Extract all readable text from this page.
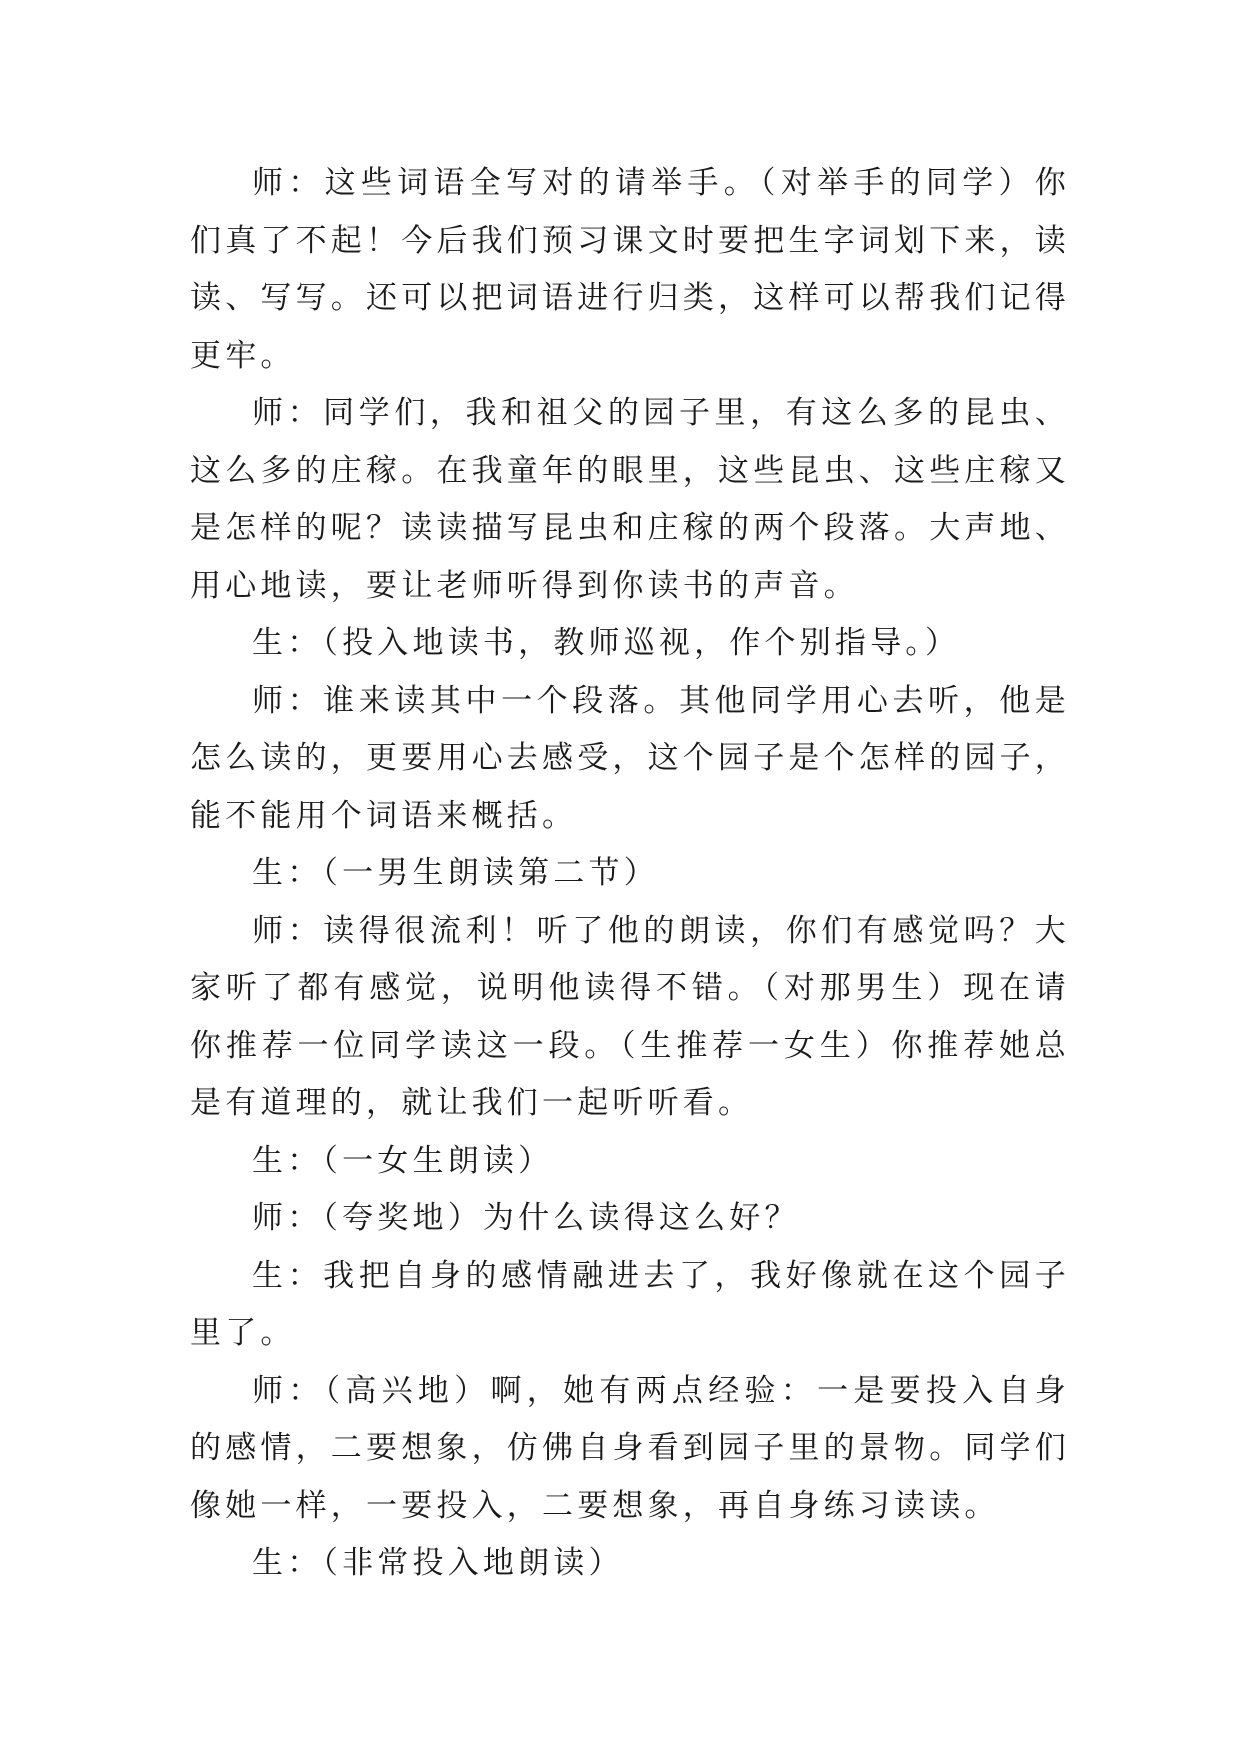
师：这些词语全写对的请举手。（对举手的同学）你们真了不起！今后我们预习课文时要把生字词划下来，读读、写写。还可以把词语进行归类，这样可以帮我们记得更牢。

师：同学们，我和祖父的园子里，有这么多的昆虫、这么多的庄稼。在我童年的眼里，这些昆虫、这些庄稼又是怎样的呢？读读描写昆虫和庄稼的两个段落。大声地、用心地读，要让老师听得到你读书的声音。

生：（投入地读书，教师巡视，作个别指导。）

师：谁来读其中一个段落。其他同学用心去听，他是怎么读的，更要用心去感受，这个园子是个怎样的园子，能不能用个词语来概括。

生：（一男生朗读第二节）

师：读得很流利！听了他的朗读，你们有感觉吗？大家听了都有感觉，说明他读得不错。（对那男生）现在请你推荐一位同学读这一段。（生推荐一女生）你推荐她总是有道理的，就让我们一起听听看。

生：（一女生朗读）

师：（夸奖地）为什么读得这么好？

生：我把自身的感情融进去了，我好像就在这个园子里了。

师：（高兴地）啊，她有两点经验：一是要投入自身的感情，二要想象，仿佛自身看到园子里的景物。同学们像她一样，一要投入，二要想象，再自身练习读读。

生：（非常投入地朗读）
